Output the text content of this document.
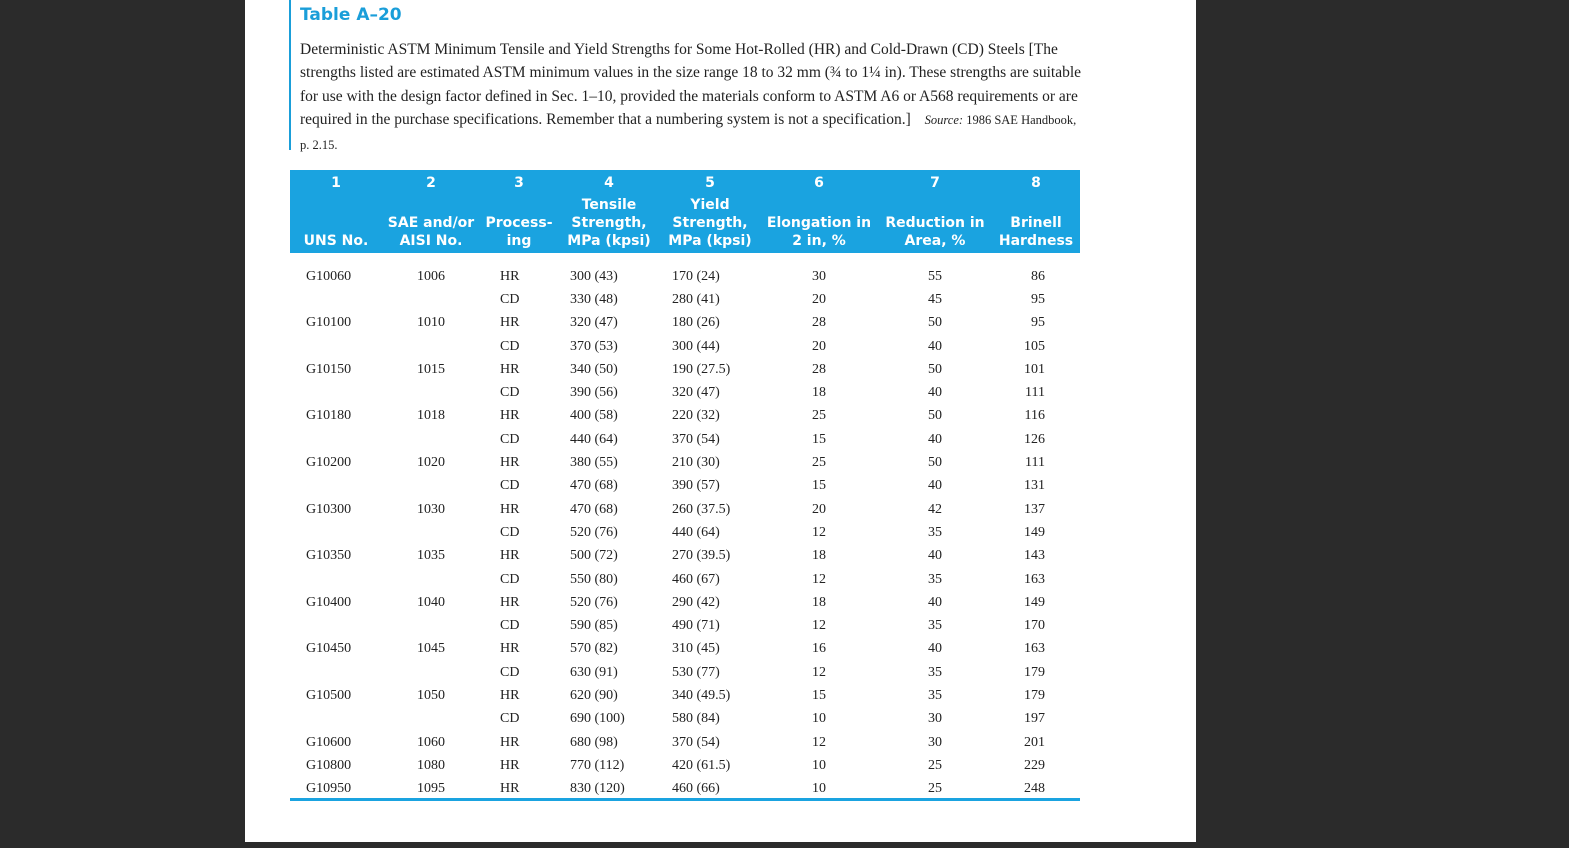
Table A–20
Deterministic ASTM Minimum Tensile and Yield Strengths for Some Hot-Rolled (HR) and Cold-Drawn (CD) Steels [The strengths listed are estimated ASTM minimum values in the size range 18 to 32 mm (¾ to 1¼ in). These strengths are suitable for use with the design factor defined in Sec. 1–10, provided the materials conform to ASTM A6 or A568 requirements or are required in the purchase specifications. Remember that a numbering system is not a specification.] Source: 1986 SAE Handbook, p. 2.15.
1	2	3	4	5	6	7	8
UNS No.	SAE and/or AISI No.	Process-ing	Tensile Strength, MPa (kpsi)	Yield Strength, MPa (kpsi)	Elongation in 2 in, %	Reduction in Area, %	Brinell Hardness
G10060	1006	HR	300 (43)	170 (24)	30	55	86
		CD	330 (48)	280 (41)	20	45	95
G10100	1010	HR	320 (47)	180 (26)	28	50	95
		CD	370 (53)	300 (44)	20	40	105
G10150	1015	HR	340 (50)	190 (27.5)	28	50	101
		CD	390 (56)	320 (47)	18	40	111
G10180	1018	HR	400 (58)	220 (32)	25	50	116
		CD	440 (64)	370 (54)	15	40	126
G10200	1020	HR	380 (55)	210 (30)	25	50	111
		CD	470 (68)	390 (57)	15	40	131
G10300	1030	HR	470 (68)	260 (37.5)	20	42	137
		CD	520 (76)	440 (64)	12	35	149
G10350	1035	HR	500 (72)	270 (39.5)	18	40	143
		CD	550 (80)	460 (67)	12	35	163
G10400	1040	HR	520 (76)	290 (42)	18	40	149
		CD	590 (85)	490 (71)	12	35	170
G10450	1045	HR	570 (82)	310 (45)	16	40	163
		CD	630 (91)	530 (77)	12	35	179
G10500	1050	HR	620 (90)	340 (49.5)	15	35	179
		CD	690 (100)	580 (84)	10	30	197
G10600	1060	HR	680 (98)	370 (54)	12	30	201
G10800	1080	HR	770 (112)	420 (61.5)	10	25	229
G10950	1095	HR	830 (120)	460 (66)	10	25	248
